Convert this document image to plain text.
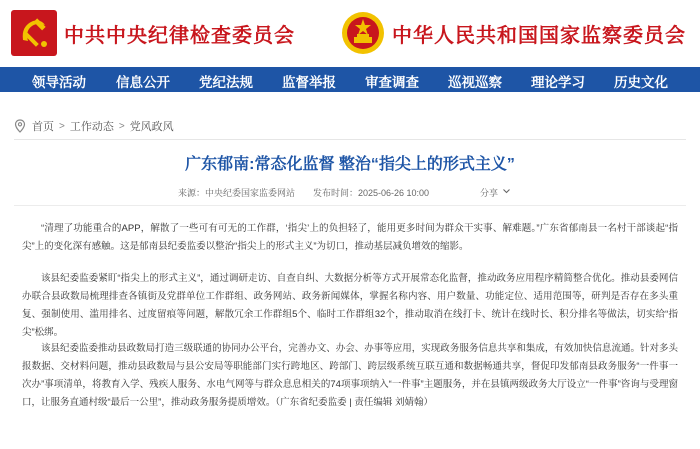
中共中央纪律检查委员会	中华人民共和国国家监察委员会
领导活动 信息公开 党纪法规 监督举报 审查调查 巡视巡察 理论学习 历史文化
首页 > 工作动态 > 党风政风
广东郁南:常态化监督 整治“指尖上的形式主义”
来源：中央纪委国家监委网站 发布时间：2025-06-26 10:00	分享

“清理了功能重合的APP，解散了一些可有可无的工作群，‘指尖’上的负担轻了，能用更多时间为群众干实事、解难题。”广东省郁南县一名村干部谈起“指尖”上的变化深有感触。这是郁南县纪委监委以整治“指尖上的形式主义”为切口，推动基层减负增效的缩影。

该县纪委监委紧盯“指尖上的形式主义”，通过调研走访、自查自纠、大数据分析等方式开展常态化监督，推动政务应用程序精简整合优化。推动县委网信办联合县政数局梳理排查各镇街及党群单位工作群组、政务网站、政务新闻媒体，掌握名称内容、用户数量、功能定位、适用范围等，研判是否存在多头重复、强制使用、滥用排名、过度留痕等问题，解散冗余工作群组5个、临时工作群组32个，推动取消在线打卡、统计在线时长、积分排名等做法，切实给“指尖”松绑。

该县纪委监委推动县政数局打造三级联通的协同办公平台，完善办文、办会、办事等应用，实现政务服务信息共享和集成，有效加快信息流通。针对多头报数据、交材料问题，推动县政数局与县公安局等职能部门实行跨地区、跨部门、跨层级系统互联互通和数据畅通共享，督促印发郁南县政务服务“一件事一次办”事项清单，将教育入学、残疾人服务、水电气网等与群众息息相关的74项事项纳入“一件事”主题服务，并在县镇两级政务大厅设立“一件事”咨询与受理窗口，让服务直通村级“最后一公里”，推动政务服务提质增效。（广东省纪委监委 | 责任编辑 刘婧翰）
